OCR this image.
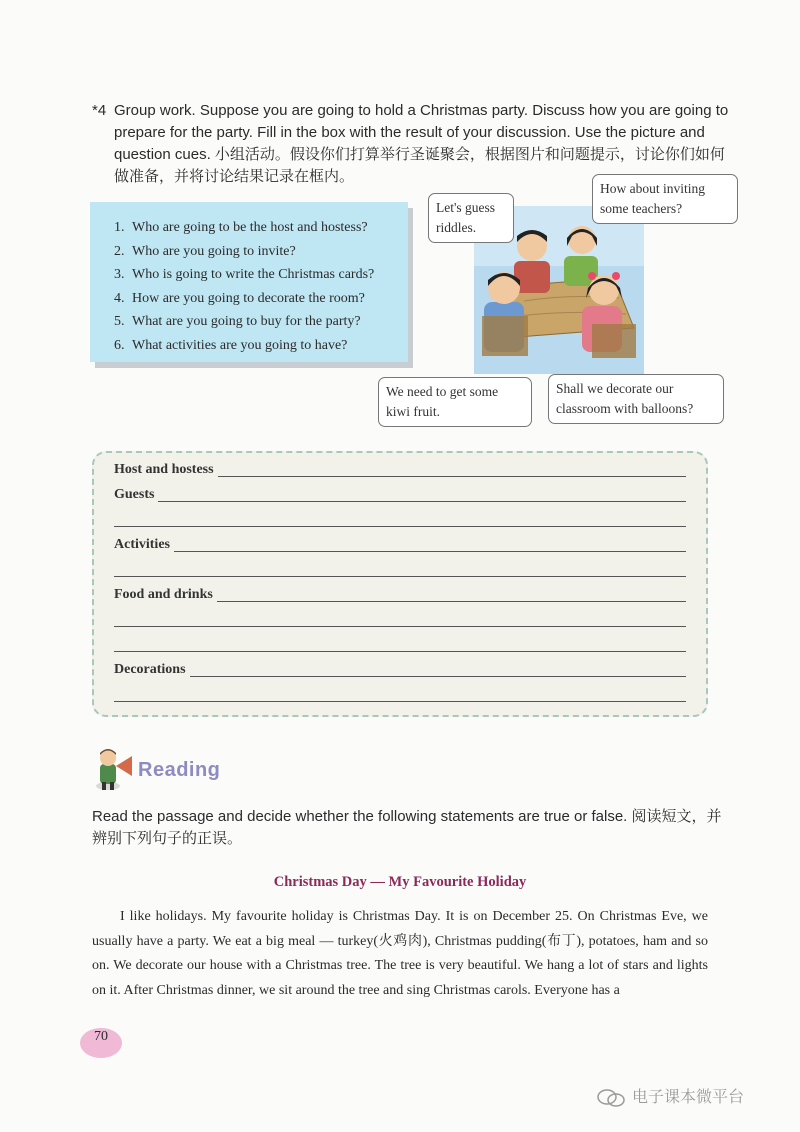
*4 Group work. Suppose you are going to hold a Christmas party. Discuss how you are going to prepare for the party. Fill in the box with the result of your discussion. Use the picture and question cues. 小组活动。假设你们打算举行圣诞聚会，根据图片和问题提示，讨论你们如何做准备，并将讨论结果记录在框内。
1. Who are going to be the host and hostess?
2. Who are you going to invite?
3. Who is going to write the Christmas cards?
4. How are you going to decorate the room?
5. What are you going to buy for the party?
6. What activities are you going to have?
Let's guess riddles.
How about inviting some teachers?
We need to get some kiwi fruit.
Shall we decorate our classroom with balloons?
Host and hostess
Guests
Activities
Food and drinks
Decorations
Reading
Read the passage and decide whether the following statements are true or false. 阅读短文，并辨别下列句子的正误。
Christmas Day — My Favourite Holiday

I like holidays. My favourite holiday is Christmas Day. It is on December 25. On Christmas Eve, we usually have a party. We eat a big meal — turkey(火鸡肉), Christmas pudding(布丁), potatoes, ham and so on. We decorate our house with a Christmas tree. The tree is very beautiful. We hang a lot of stars and lights on it. After Christmas dinner, we sit around the tree and sing Christmas carols. Everyone has a

70
电子课本微平台
